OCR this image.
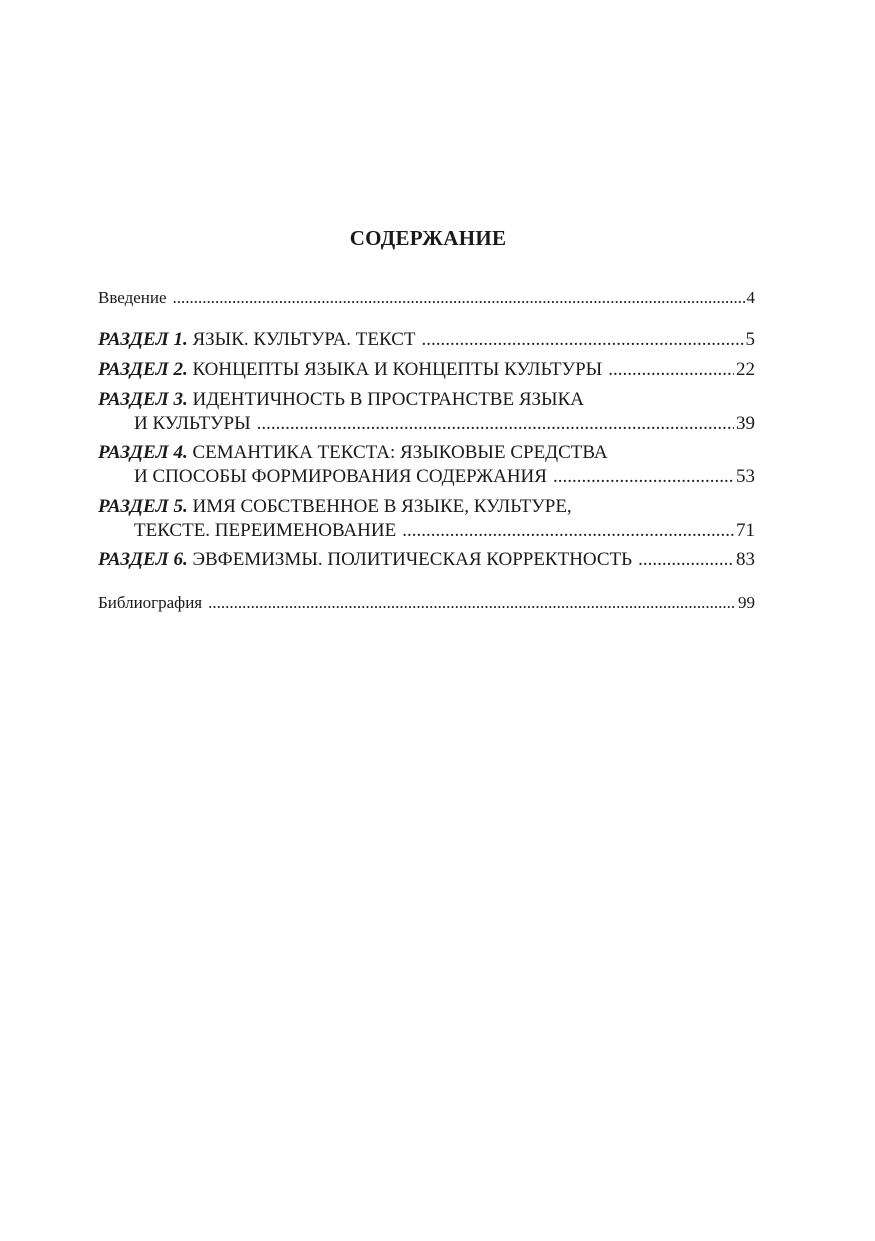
СОДЕРЖАНИЕ
Введение .....	4
РАЗДЕЛ 1. ЯЗЫК. КУЛЬТУРА. ТЕКСТ .....	5
РАЗДЕЛ 2. КОНЦЕПТЫ ЯЗЫКА И КОНЦЕПТЫ КУЛЬТУРЫ .....	22
РАЗДЕЛ 3. ИДЕНТИЧНОСТЬ В ПРОСТРАНСТВЕ ЯЗЫКА
И КУЛЬТУРЫ .....	39
РАЗДЕЛ 4. СЕМАНТИКА ТЕКСТА: ЯЗЫКОВЫЕ СРЕДСТВА
И СПОСОБЫ ФОРМИРОВАНИЯ СОДЕРЖАНИЯ .....	53
РАЗДЕЛ 5. ИМЯ СОБСТВЕННОЕ В ЯЗЫКЕ, КУЛЬТУРЕ,
ТЕКСТЕ. ПЕРЕИМЕНОВАНИЕ .....	71
РАЗДЕЛ 6. ЭВФЕМИЗМЫ. ПОЛИТИЧЕСКАЯ КОРРЕКТНОСТЬ .....	83
Библиография .....	99
